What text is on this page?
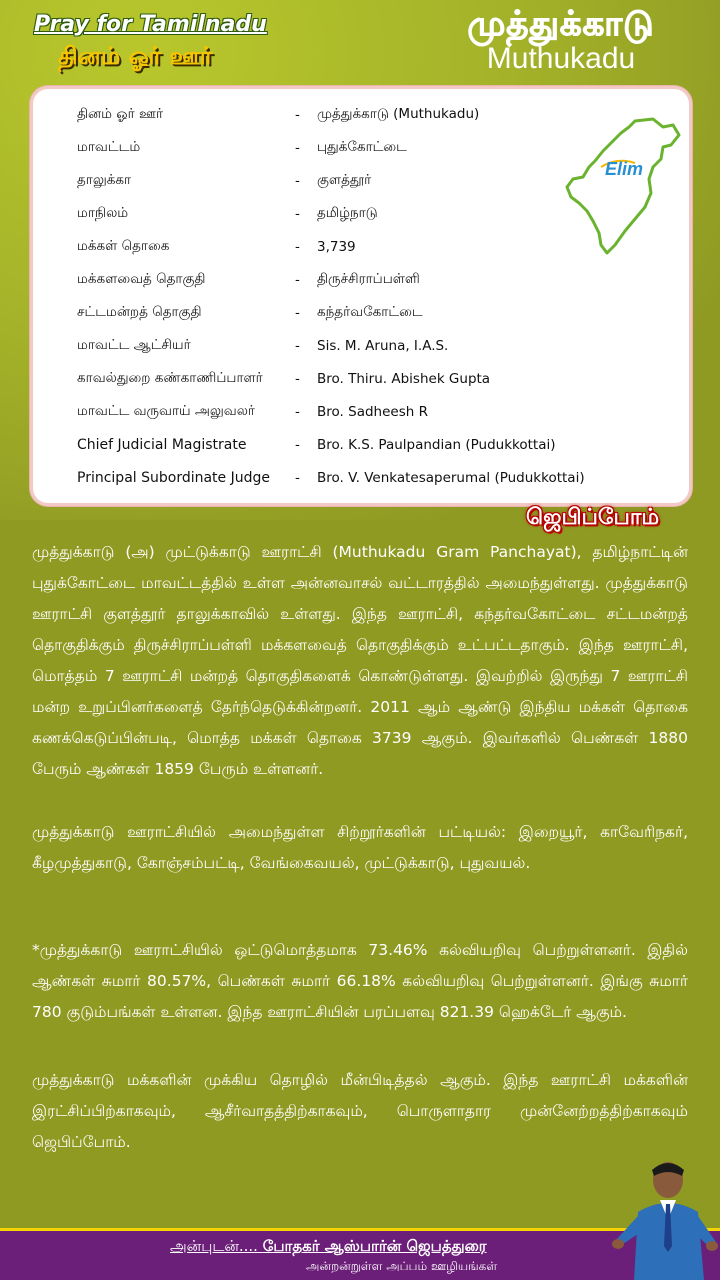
Pray for Tamilnadu
தினம் ஓர் ஊர்
முத்துக்காடு
Muthukadu
தினம் ஓர் ஊர்	-	முத்துக்காடு (Muthukadu)
மாவட்டம்	-	புதுக்கோட்டை
தாலுக்கா	-	குளத்தூர்
மாநிலம்	-	தமிழ்நாடு
மக்கள் தொகை	-	3,739
மக்களவைத் தொகுதி	-	திருச்சிராப்பள்ளி
சட்டமன்றத் தொகுதி	-	கந்தர்வகோட்டை
மாவட்ட ஆட்சியர்	-	Sis. M. Aruna, I.A.S.
காவல்துறை கண்காணிப்பாளர்	-	Bro. Thiru. Abishek Gupta
மாவட்ட வருவாய் அலுவலர்	-	Bro. Sadheesh R
Chief Judicial Magistrate	-	Bro. K.S. Paulpandian (Pudukkottai)
Principal Subordinate Judge	-	Bro. V. Venkatesaperumal (Pudukkottai)
Elim
ஜெபிப்போம்

முத்துக்காடு (அ) முட்டுக்காடு ஊராட்சி (Muthukadu Gram Panchayat), தமிழ்நாட்டின் புதுக்கோட்டை மாவட்டத்தில் உள்ள அன்னவாசல் வட்டாரத்தில் அமைந்துள்ளது. முத்துக்காடு ஊராட்சி குளத்தூர் தாலுக்காவில் உள்ளது. இந்த ஊராட்சி, கந்தர்வகோட்டை சட்டமன்றத் தொகுதிக்கும் திருச்சிராப்பள்ளி மக்களவைத் தொகுதிக்கும் உட்பட்டதாகும். இந்த ஊராட்சி, மொத்தம் 7 ஊராட்சி மன்றத் தொகுதிகளைக் கொண்டுள்ளது. இவற்றில் இருந்து 7 ஊராட்சி மன்ற உறுப்பினர்களைத் தேர்ந்தெடுக்கின்றனர். 2011 ஆம் ஆண்டு இந்திய மக்கள் தொகை கணக்கெடுப்பின்படி, மொத்த மக்கள் தொகை 3739 ஆகும். இவர்களில் பெண்கள் 1880 பேரும் ஆண்கள் 1859 பேரும் உள்ளனர்.

முத்துக்காடு ஊராட்சியில் அமைந்துள்ள சிற்றூர்களின் பட்டியல்: இறையூர், காவேரிநகர், கீழமுத்துகாடு, கோஞ்சம்பட்டி, வேங்கைவயல், முட்டுக்காடு, புதுவயல்.

*முத்துக்காடு ஊராட்சியில் ஒட்டுமொத்தமாக 73.46% கல்வியறிவு பெற்றுள்ளனர். இதில் ஆண்கள் சுமார் 80.57%, பெண்கள் சுமார் 66.18% கல்வியறிவு பெற்றுள்ளனர். இங்கு சுமார் 780 குடும்பங்கள் உள்ளன. இந்த ஊராட்சியின் பரப்பளவு 821.39 ஹெக்டேர் ஆகும்.

முத்துக்காடு மக்களின் முக்கிய தொழில் மீன்பிடித்தல் ஆகும். இந்த ஊராட்சி மக்களின் இரட்சிப்பிற்காகவும், ஆசீர்வாதத்திற்காகவும், பொருளாதார முன்னேற்றத்திற்காகவும் ஜெபிப்போம்.

அன்புடன்.... போதகர் ஆஸ்பார்ன் ஜெபத்துரை
அன்றன்றுள்ள அப்பம் ஊழியங்கள்
